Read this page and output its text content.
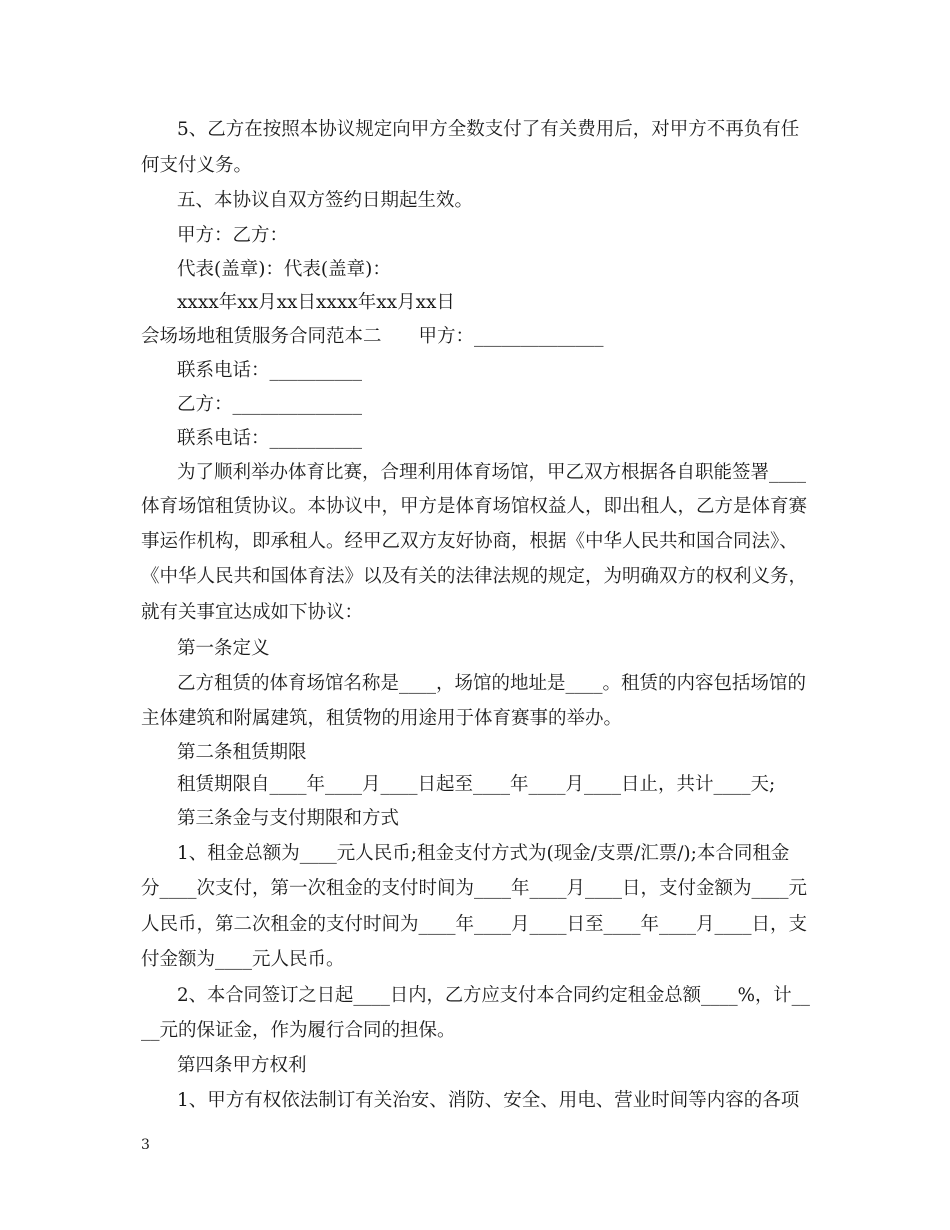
5、乙方在按照本协议规定向甲方全数支付了有关费用后，对甲方不再负有任
何支付义务。
五、本协议自双方签约日期起生效。
甲方：乙方：
代表(盖章)：代表(盖章)：
xxxx年xx月xx日xxxx年xx月xx日
会场场地租赁服务合同范本二　　甲方：______________
联系电话：__________
乙方：______________
联系电话：__________
为了顺利举办体育比赛，合理利用体育场馆，甲乙双方根据各自职能签署____
体育场馆租赁协议。本协议中，甲方是体育场馆权益人，即出租人，乙方是体育赛
事运作机构，即承租人。经甲乙双方友好协商，根据《中华人民共和国合同法》、
《中华人民共和国体育法》以及有关的法律法规的规定，为明确双方的权利义务，
就有关事宜达成如下协议：
第一条定义
乙方租赁的体育场馆名称是____，场馆的地址是____。租赁的内容包括场馆的
主体建筑和附属建筑，租赁物的用途用于体育赛事的举办。
第二条租赁期限
租赁期限自____年____月____日起至____年____月____日止，共计____天;
第三条金与支付期限和方式
1、租金总额为____元人民币;租金支付方式为(现金/支票/汇票/);本合同租金
分____次支付，第一次租金的支付时间为____年____月____日，支付金额为____元
人民币，第二次租金的支付时间为____年____月____日至____年____月____日，支
付金额为____元人民币。
2、本合同签订之日起____日内，乙方应支付本合同约定租金总额____%，计__
__元的保证金，作为履行合同的担保。
第四条甲方权利
1、甲方有权依法制订有关治安、消防、安全、用电、营业时间等内容的各项
3
